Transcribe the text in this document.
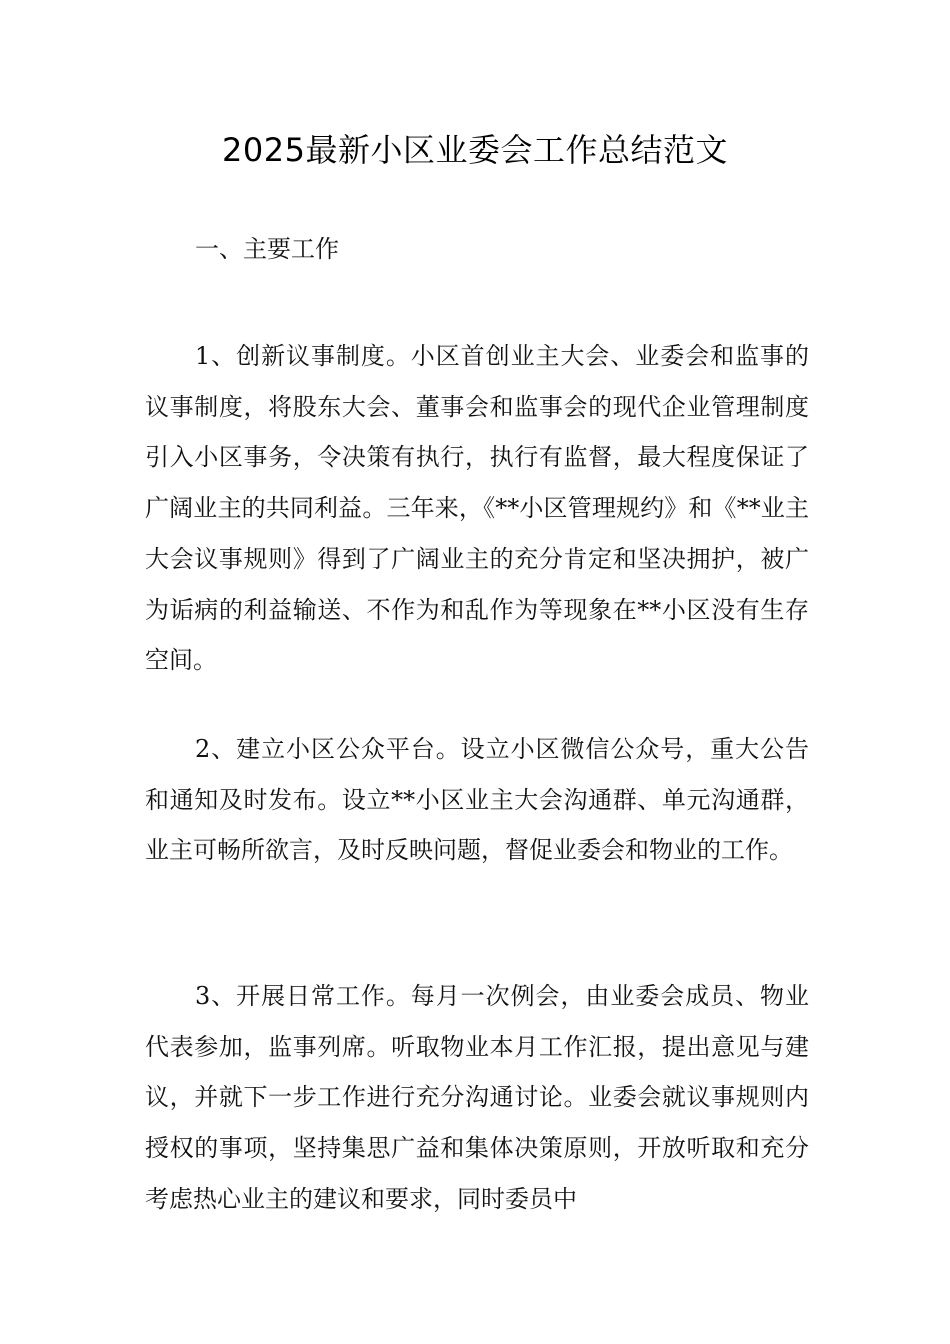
2025最新小区业委会工作总结范文
一、主要工作

1、创新议事制度。小区首创业主大会、业委会和监事的议事制度，将股东大会、董事会和监事会的现代企业管理制度引入小区事务，令决策有执行，执行有监督，最大程度保证了广阔业主的共同利益。三年来，《**小区管理规约》和《**业主大会议事规则》得到了广阔业主的充分肯定和坚决拥护，被广为诟病的利益输送、不作为和乱作为等现象在**小区没有生存空间。

2、建立小区公众平台。设立小区微信公众号，重大公告和通知及时发布。设立**小区业主大会沟通群、单元沟通群，业主可畅所欲言，及时反映问题，督促业委会和物业的工作。

3、开展日常工作。每月一次例会，由业委会成员、物业代表参加，监事列席。听取物业本月工作汇报，提出意见与建议，并就下一步工作进行充分沟通讨论。业委会就议事规则内授权的事项，坚持集思广益和集体决策原则，开放听取和充分考虑热心业主的建议和要求，同时委员中
